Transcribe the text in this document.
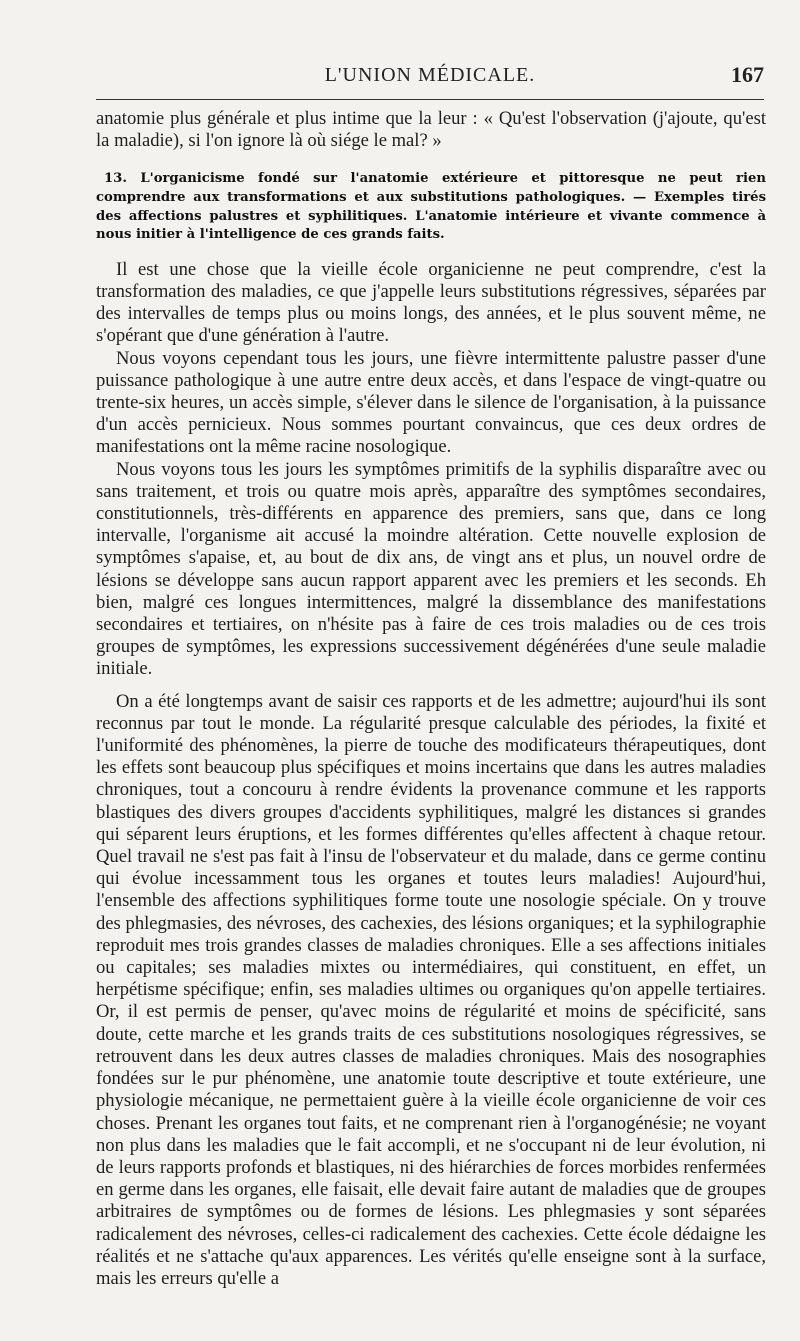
L'UNION MÉDICALE.	167

anatomie plus générale et plus intime que la leur : « Qu'est l'observation (j'ajoute, qu'est la maladie), si l'on ignore là où siége le mal? »

13. L'organicisme fondé sur l'anatomie extérieure et pittoresque ne peut rien comprendre aux transformations et aux substitutions pathologiques. — Exemples tirés des affections palustres et syphilitiques. L'anatomie intérieure et vivante commence à nous initier à l'intelligence de ces grands faits.

Il est une chose que la vieille école organicienne ne peut comprendre, c'est la transformation des maladies, ce que j'appelle leurs substitutions régressives, séparées par des intervalles de temps plus ou moins longs, des années, et le plus souvent même, ne s'opérant que d'une génération à l'autre.

Nous voyons cependant tous les jours, une fièvre intermittente palustre passer d'une puissance pathologique à une autre entre deux accès, et dans l'espace de vingt-quatre ou trente-six heures, un accès simple, s'élever dans le silence de l'organisation, à la puissance d'un accès pernicieux. Nous sommes pourtant convaincus, que ces deux ordres de manifestations ont la même racine nosologique.

Nous voyons tous les jours les symptômes primitifs de la syphilis disparaître avec ou sans traitement, et trois ou quatre mois après, apparaître des symptômes secondaires, constitutionnels, très-différents en apparence des premiers, sans que, dans ce long intervalle, l'organisme ait accusé la moindre altération. Cette nouvelle explosion de symptômes s'apaise, et, au bout de dix ans, de vingt ans et plus, un nouvel ordre de lésions se développe sans aucun rapport apparent avec les premiers et les seconds. Eh bien, malgré ces longues intermittences, malgré la dissemblance des manifestations secondaires et tertiaires, on n'hésite pas à faire de ces trois maladies ou de ces trois groupes de symptômes, les expressions successivement dégénérées d'une seule maladie initiale.

On a été longtemps avant de saisir ces rapports et de les admettre; aujourd'hui ils sont reconnus par tout le monde. La régularité presque calculable des périodes, la fixité et l'uniformité des phénomènes, la pierre de touche des modificateurs thérapeutiques, dont les effets sont beaucoup plus spécifiques et moins incertains que dans les autres maladies chroniques, tout a concouru à rendre évidents la provenance commune et les rapports blastiques des divers groupes d'accidents syphilitiques, malgré les distances si grandes qui séparent leurs éruptions, et les formes différentes qu'elles affectent à chaque retour. Quel travail ne s'est pas fait à l'insu de l'observateur et du malade, dans ce germe continu qui évolue incessamment tous les organes et toutes leurs maladies! Aujourd'hui, l'ensemble des affections syphilitiques forme toute une nosologie spéciale. On y trouve des phlegmasies, des névroses, des cachexies, des lésions organiques; et la syphilographie reproduit mes trois grandes classes de maladies chroniques. Elle a ses affections initiales ou capitales; ses maladies mixtes ou intermédiaires, qui constituent, en effet, un herpétisme spécifique; enfin, ses maladies ultimes ou organiques qu'on appelle tertiaires. Or, il est permis de penser, qu'avec moins de régularité et moins de spécificité, sans doute, cette marche et les grands traits de ces substitutions nosologiques régressives, se retrouvent dans les deux autres classes de maladies chroniques. Mais des nosographies fondées sur le pur phénomène, une anatomie toute descriptive et toute extérieure, une physiologie mécanique, ne permettaient guère à la vieille école organicienne de voir ces choses. Prenant les organes tout faits, et ne comprenant rien à l'organogénésie; ne voyant non plus dans les maladies que le fait accompli, et ne s'occupant ni de leur évolution, ni de leurs rapports profonds et blastiques, ni des hiérarchies de forces morbides renfermées en germe dans les organes, elle faisait, elle devait faire autant de maladies que de groupes arbitraires de symptômes ou de formes de lésions. Les phlegmasies y sont séparées radicalement des névroses, celles-ci radicalement des cachexies. Cette école dédaigne les réalités et ne s'attache qu'aux apparences. Les vérités qu'elle enseigne sont à la surface, mais les erreurs qu'elle a
